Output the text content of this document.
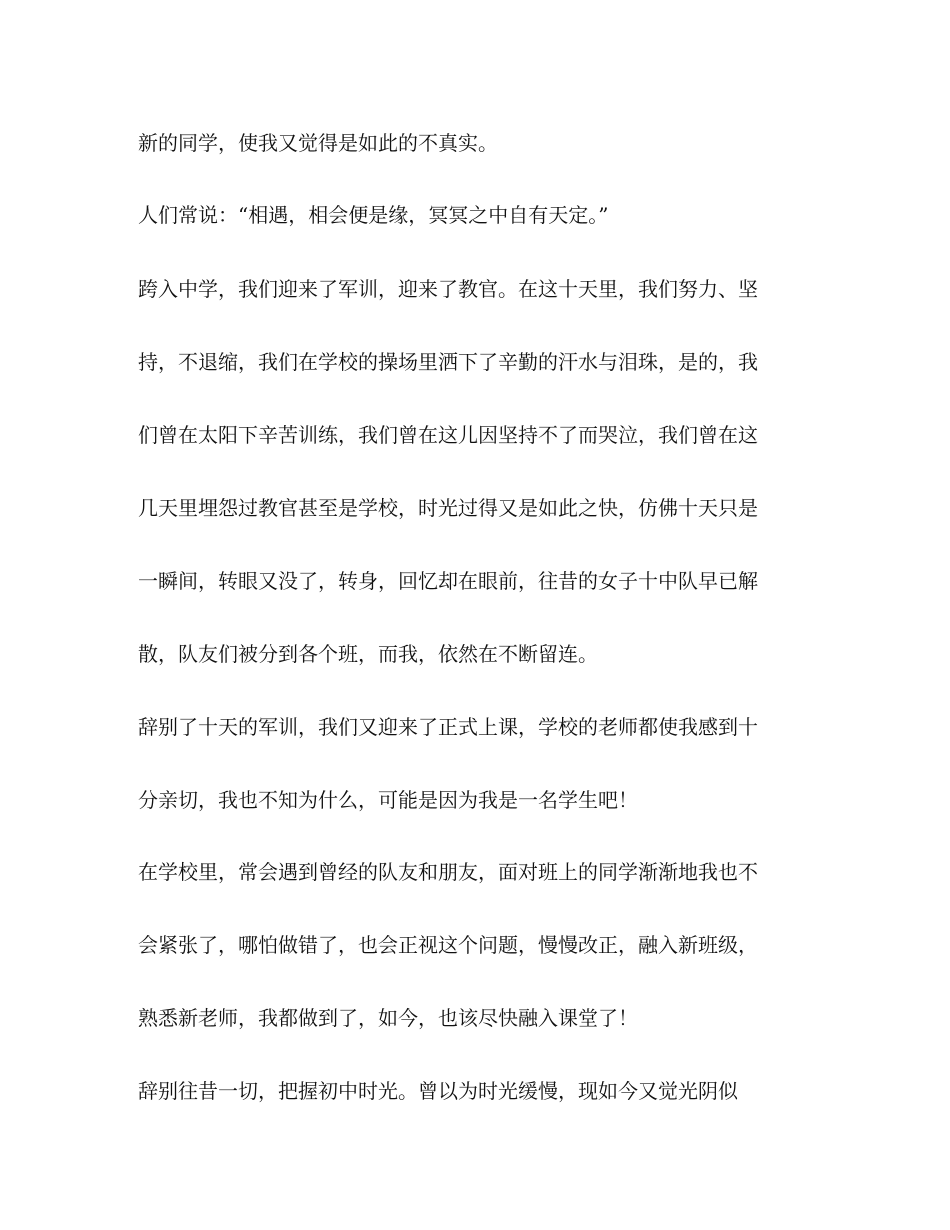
新的同学，使我又觉得是如此的不真实。
人们常说：“相遇，相会便是缘，冥冥之中自有天定。”
跨入中学，我们迎来了军训，迎来了教官。在这十天里，我们努力、坚
持，不退缩，我们在学校的操场里洒下了辛勤的汗水与泪珠，是的，我
们曾在太阳下辛苦训练，我们曾在这儿因坚持不了而哭泣，我们曾在这
几天里埋怨过教官甚至是学校，时光过得又是如此之快，仿佛十天只是
一瞬间，转眼又没了，转身，回忆却在眼前，往昔的女子十中队早已解
散，队友们被分到各个班，而我，依然在不断留连。
辞别了十天的军训，我们又迎来了正式上课，学校的老师都使我感到十
分亲切，我也不知为什么，可能是因为我是一名学生吧！
在学校里，常会遇到曾经的队友和朋友，面对班上的同学渐渐地我也不
会紧张了，哪怕做错了，也会正视这个问题，慢慢改正，融入新班级，
熟悉新老师，我都做到了，如今，也该尽快融入课堂了！
辞别往昔一切，把握初中时光。曾以为时光缓慢，现如今又觉光阴似
